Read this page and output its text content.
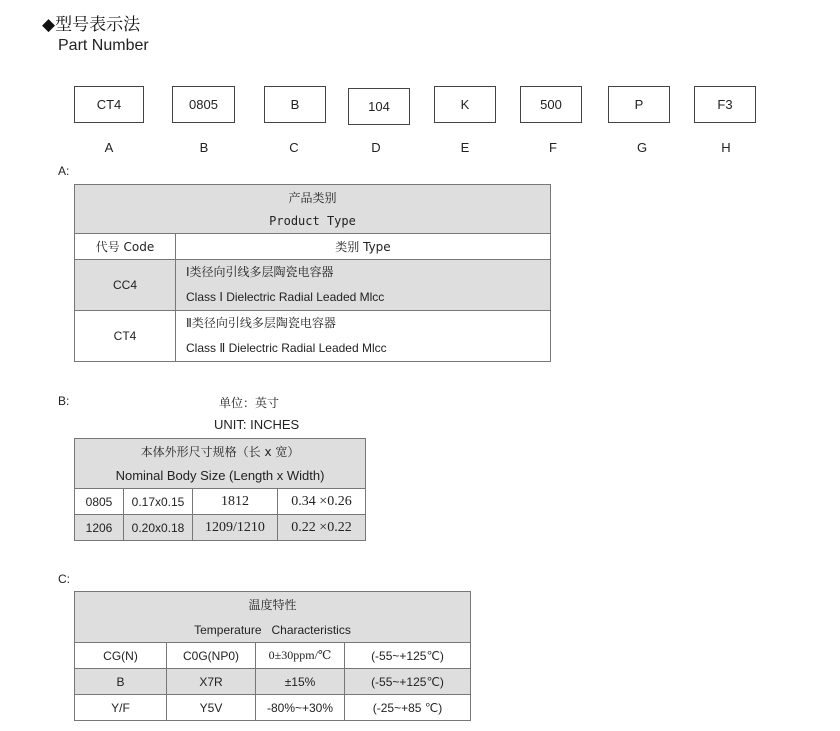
◆型号表示法
Part Number
CT4	0805	B	104	K	500	P	F3
A	B	C	D	E	F	G	H
A:
产品类别	
Product Type	
代号 Code	类别 Type
CC4	Ⅰ类径向引线多层陶瓷电容器
Class Ⅰ Dielectric Radial Leaded Mlcc

CT4	Ⅱ类径向引线多层陶瓷电容器
Class Ⅱ Dielectric Radial Leaded Mlcc
B:	单位：英寸
UNIT: INCHES
本体外形尺寸规格（长 x 宽）			
Nominal Body Size (Length x Width)			
0805	0.17x0.15	1812	0.34 ×0.26
1206	0.20x0.18	1209/1210	0.22 ×0.22
C:
温度特性			
Temperature   Characteristics			
CG(N)	C0G(NP0)	0±30ppm/℃	(-55~+125℃)
B	X7R	±15%	(-55~+125℃)
Y/F	Y5V	-80%~+30%	(-25~+85 ℃)
